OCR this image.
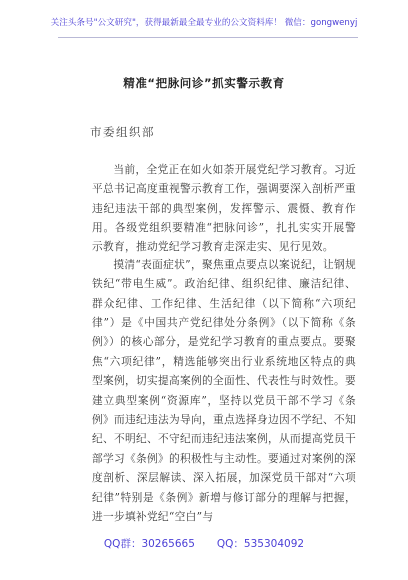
关注头条号"公文研究"，获得最新最全最专业的公文资料库！ 微信：gongwenyj
精准“把脉问诊”抓实警示教育
市委组织部

当前，全党正在如火如荼开展党纪学习教育。习近平总书记高度重视警示教育工作，强调要深入剖析严重违纪违法干部的典型案例，发挥警示、震慑、教育作用。各级党组织要精准“把脉问诊”，扎扎实实开展警示教育，推动党纪学习教育走深走实、见行见效。

摸清“表面症状”，聚焦重点要点以案说纪，让钢规铁纪“带电生威”。政治纪律、组织纪律、廉洁纪律、群众纪律、工作纪律、生活纪律（以下简称“六项纪律”）是《中国共产党纪律处分条例》（以下简称《条例》）的核心部分，是党纪学习教育的重点要点。要聚焦“六项纪律”，精选能够突出行业系统地区特点的典型案例，切实提高案例的全面性、代表性与时效性。要建立典型案例“资源库”，坚持以党员干部不学习《条例》而违纪违法为导向，重点选择身边因不学纪、不知纪、不明纪、不守纪而违纪违法案例，从而提高党员干部学习《条例》的积极性与主动性。要通过对案例的深度剖析、深层解读、深入拓展，加深党员干部对“六项纪律”特别是《条例》新增与修订部分的理解与把握，进一步填补党纪“空白”与

QQ群：30265665 QQ：535304092
